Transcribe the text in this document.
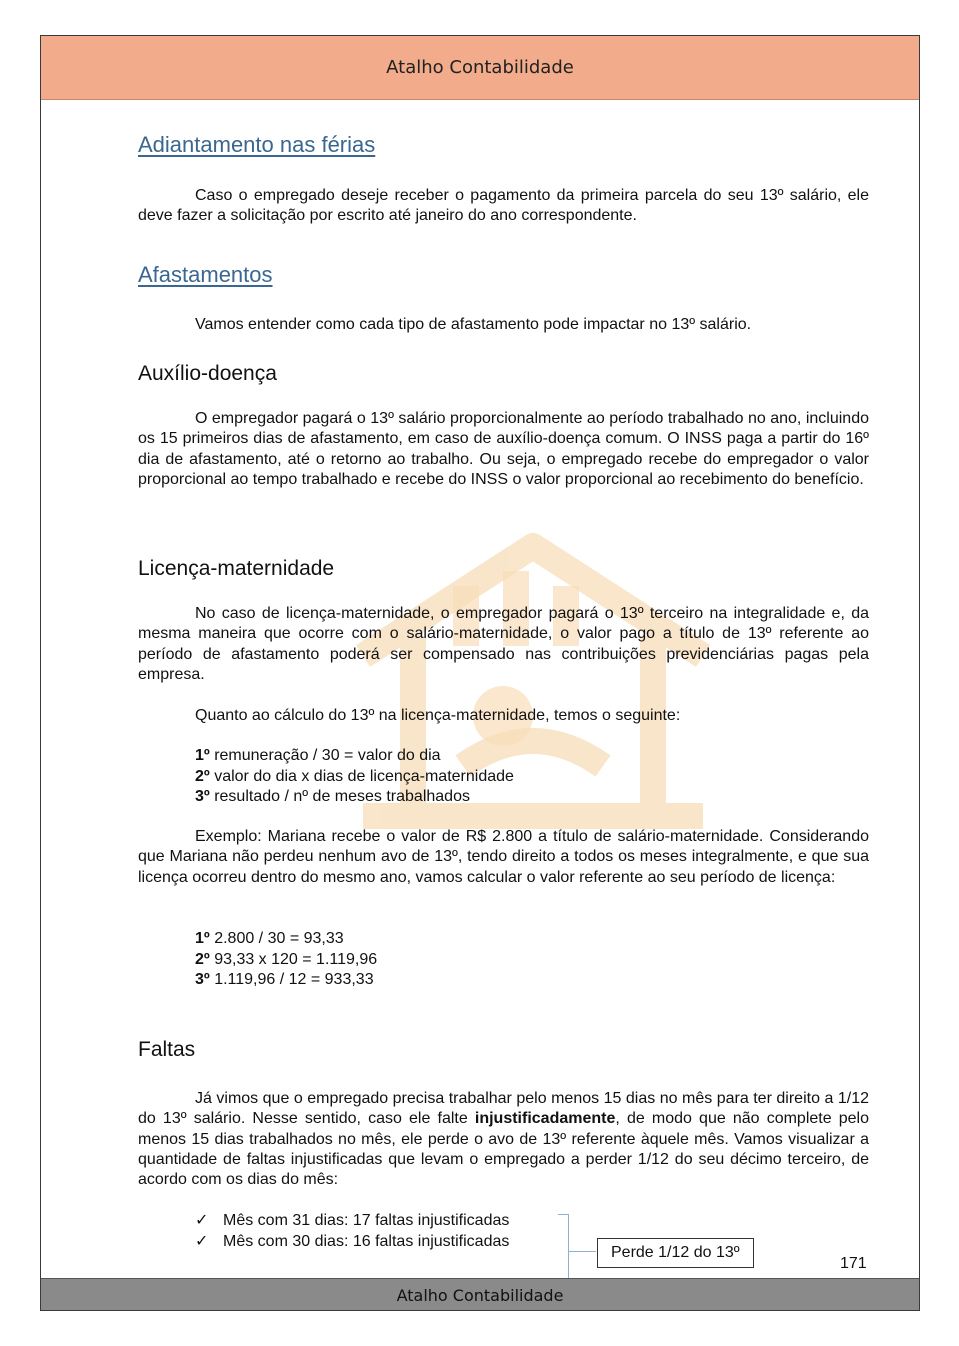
Atalho Contabilidade
Adiantamento nas férias

Caso o empregado deseje receber o pagamento da primeira parcela do seu 13º salário, ele deve fazer a solicitação por escrito até janeiro do ano correspondente.

Afastamentos

Vamos entender como cada tipo de afastamento pode impactar no 13º salário.

Auxílio-doença

O empregador pagará o 13º salário proporcionalmente ao período trabalhado no ano, incluindo os 15 primeiros dias de afastamento, em caso de auxílio-doença comum. O INSS paga a partir do 16º dia de afastamento, até o retorno ao trabalho. Ou seja, o empregado recebe do empregador o valor proporcional ao tempo trabalhado e recebe do INSS o valor proporcional ao recebimento do benefício.

Licença-maternidade

No caso de licença-maternidade, o empregador pagará o 13º terceiro na integralidade e, da mesma maneira que ocorre com o salário-maternidade, o valor pago a título de 13º referente ao período de afastamento poderá ser compensado nas contribuições previdenciárias pagas pela empresa.

Quanto ao cálculo do 13º na licença-maternidade, temos o seguinte:

1º remuneração / 30 = valor do dia
2º valor do dia x dias de licença-maternidade
3º resultado / nº de meses trabalhados

Exemplo: Mariana recebe o valor de R$ 2.800 a título de salário-maternidade. Considerando que Mariana não perdeu nenhum avo de 13º, tendo direito a todos os meses integralmente, e que sua licença ocorreu dentro do mesmo ano, vamos calcular o valor referente ao seu período de licença:

1º 2.800 / 30 = 93,33
2º 93,33 x 120 = 1.119,96
3º 1.119,96 / 12 = 933,33
Faltas

Já vimos que o empregado precisa trabalhar pelo menos 15 dias no mês para ter direito a 1/12 do 13º salário. Nesse sentido, caso ele falte injustificadamente, de modo que não complete pelo menos 15 dias trabalhados no mês, ele perde o avo de 13º referente àquele mês. Vamos visualizar a quantidade de faltas injustificadas que levam o empregado a perder 1/12 do seu décimo terceiro, de acordo com os dias do mês:

✓ Mês com 31 dias: 17 faltas injustificadas
✓ Mês com 30 dias: 16 faltas injustificadas
Perde 1/12 do 13º
171
Atalho Contabilidade
